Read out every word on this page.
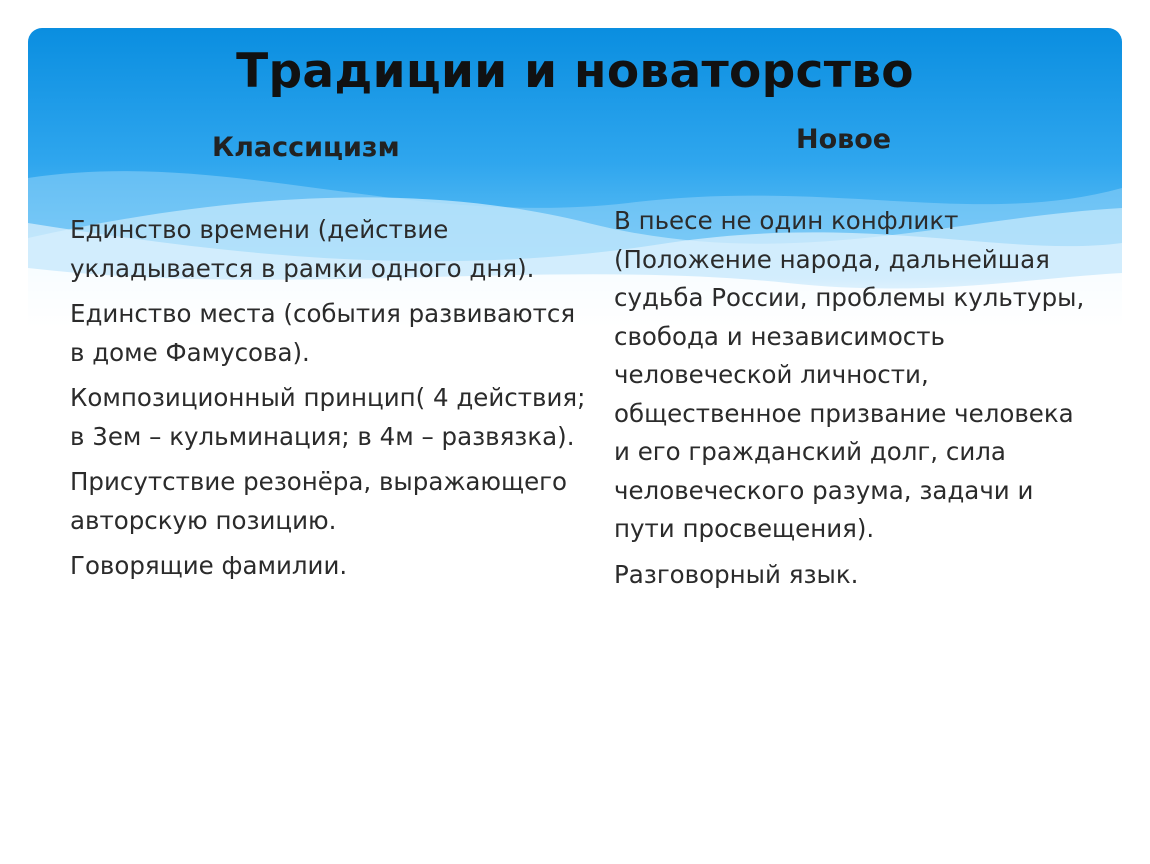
Традиции и новаторство
Классицизм	Новое

Единство времени (действие укладывается в рамки одного дня).

Единство места (события развиваются в доме Фамусова).

Композиционный принцип( 4 действия; в 3ем – кульминация; в 4м – развязка).

Присутствие резонёра, выражающего авторскую позицию.

Говорящие фамилии.

В пьесе не один конфликт (Положение народа, дальнейшая судьба России, проблемы культуры, свобода и независимость человеческой личности, общественное призвание человека и его гражданский долг, сила человеческого разума, задачи и пути просвещения).

Разговорный язык.
